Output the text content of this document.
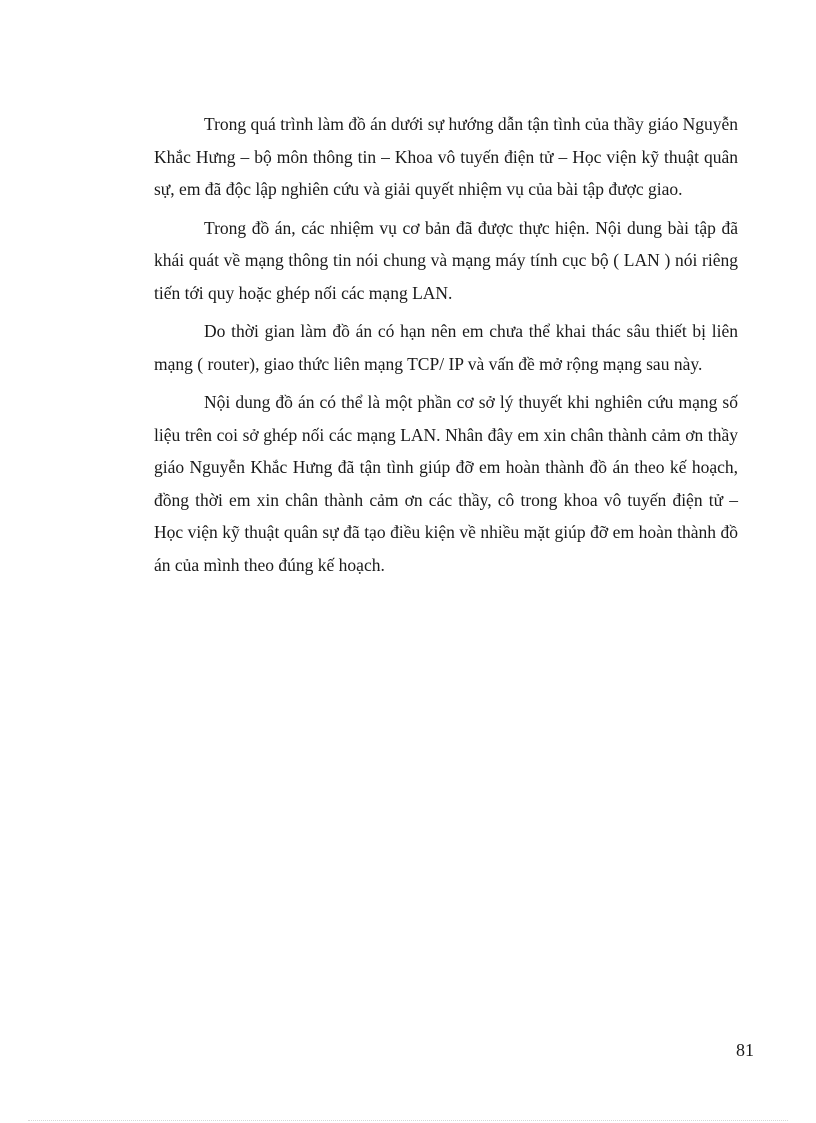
Trong quá trình làm đồ án dưới sự hướng dẫn tận tình của thầy giáo Nguyễn Khắc Hưng – bộ môn thông tin – Khoa vô tuyến điện tử – Học viện kỹ thuật quân sự, em đã độc lập nghiên cứu và giải quyết nhiệm vụ của bài tập được giao.

Trong đồ án, các nhiệm vụ cơ bản đã được thực hiện. Nội dung bài tập đã khái quát về mạng thông tin nói chung và mạng máy tính cục bộ ( LAN ) nói riêng tiến tới quy hoặc ghép nối các mạng LAN.

Do thời gian làm đồ án có hạn nên em chưa thể khai thác sâu thiết bị liên mạng ( router), giao thức liên mạng TCP/ IP và vấn đề mở rộng mạng sau này.

Nội dung đồ án có thể là một phần cơ sở lý thuyết khi nghiên cứu mạng số liệu trên coi sở ghép nối các mạng LAN. Nhân đây em xin chân thành cảm ơn thầy giáo Nguyễn Khắc Hưng đã tận tình giúp đỡ em hoàn thành đồ án theo kế hoạch, đồng thời em xin chân thành cảm ơn các thầy, cô trong khoa vô tuyến điện tử – Học viện kỹ thuật quân sự đã tạo điều kiện về nhiều mặt giúp đỡ em hoàn thành đồ án của mình theo đúng kế hoạch.

81
